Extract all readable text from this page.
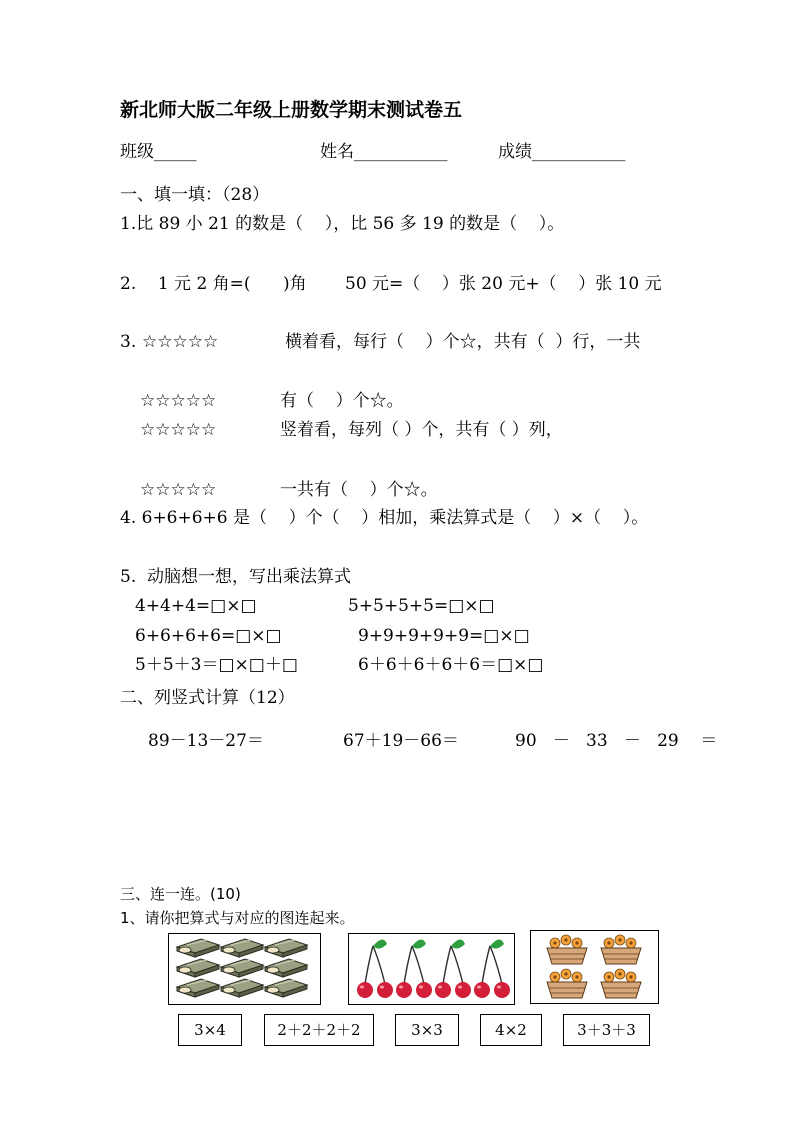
新北师大版二年级上册数学期末测试卷五
班级_____	姓名___________	成绩___________
一、填一填：（28）
1.比 89 小 21 的数是（    ），比 56 多 19 的数是（    ）。
2.    1 元 2 角=(      )角 50 元=（    ）张 20 元+（    ）张 10 元
3. ☆☆☆☆☆	横着看，每行（    ）个☆，共有（  ）行，一共
☆☆☆☆☆	有（    ）个☆。
☆☆☆☆☆	竖着看，每列（ ）个，共有（ ）列，
☆☆☆☆☆	一共有（    ）个☆。
4. 6+6+6+6 是（    ）个（    ）相加，乘法算式是（    ）×（    ）。
5.  动脑想一想，写出乘法算式
4+4+4=□×□	5+5+5+5=□×□
6+6+6+6=□×□	9+9+9+9+9=□×□
5＋5＋3＝□×□＋□	6＋6＋6＋6＋6＝□×□
二、列竖式计算（12）
89－13－27＝	67＋19－66＝	90   －   33   －   29    ＝
三、连一连。(10)
1、请你把算式与对应的图连起来。
3×4	2＋2＋2＋2	3×3	4×2	3＋3＋3
